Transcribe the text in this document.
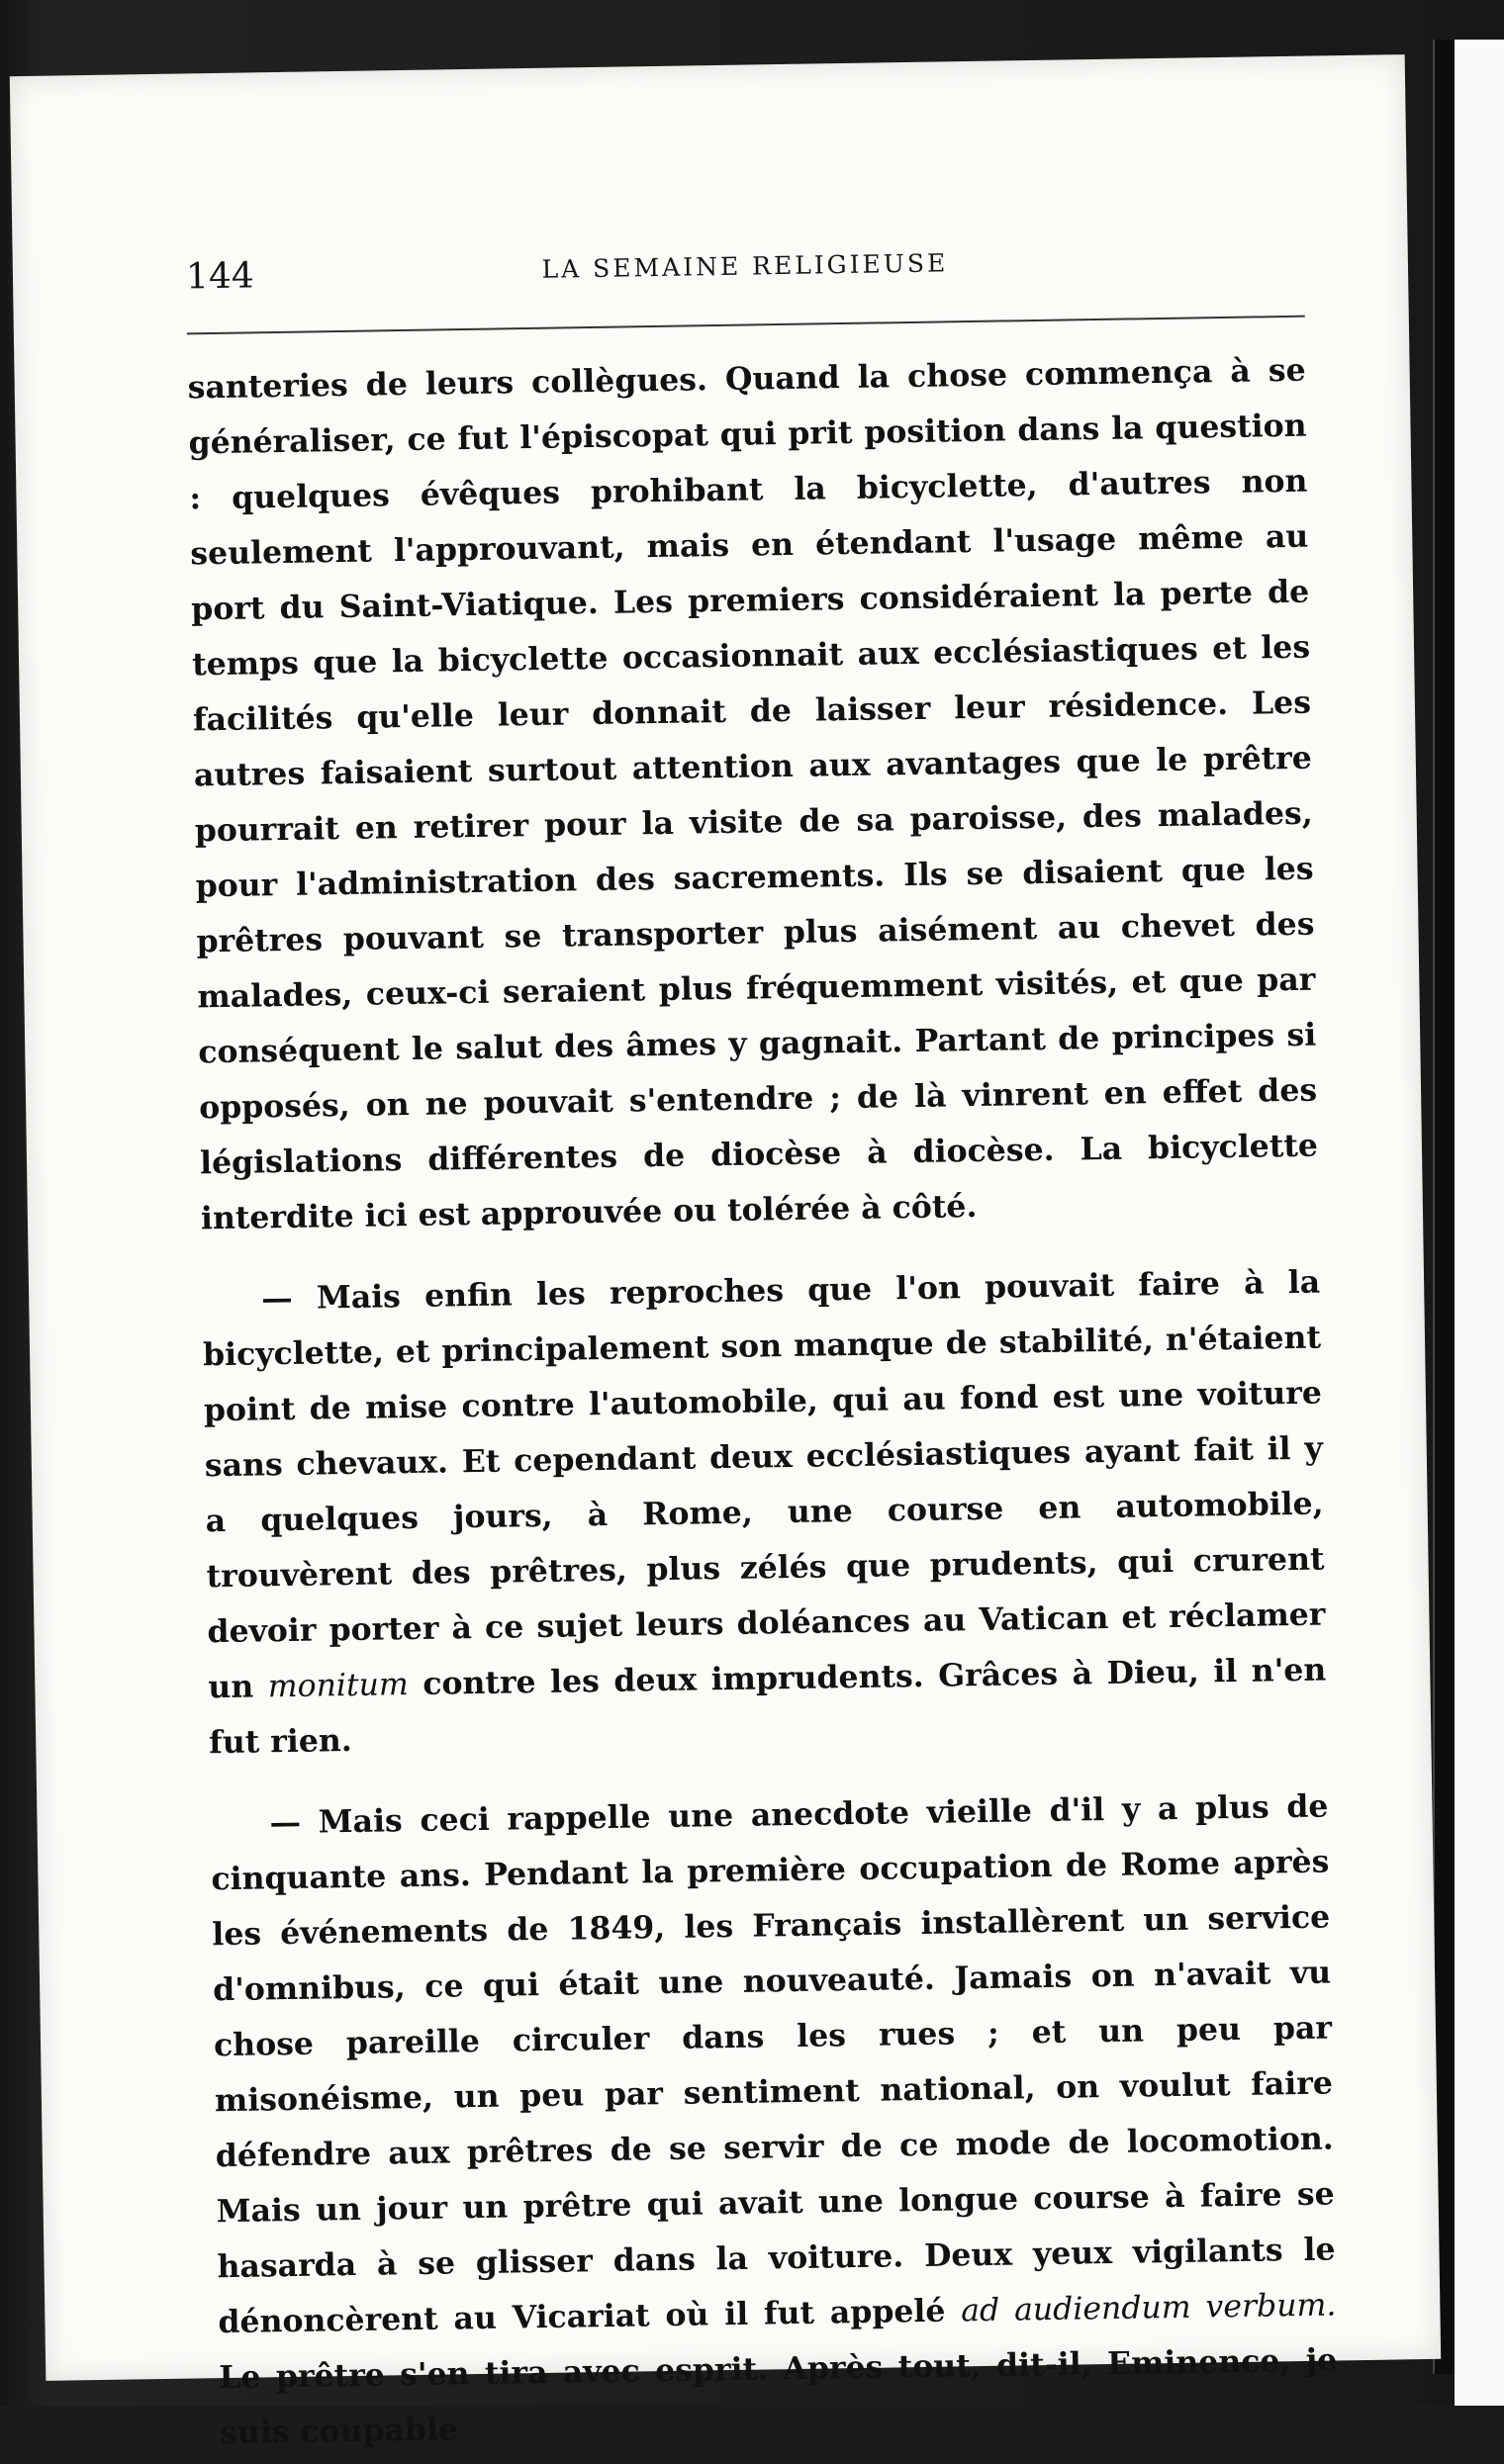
144	LA SEMAINE RELIGIEUSE

santeries de leurs collègues. Quand la chose commença à se généraliser, ce fut l'épiscopat qui prit position dans la question : quelques évêques prohibant la bicyclette, d'autres non seulement l'approuvant, mais en étendant l'usage même au port du Saint-Viatique. Les premiers considéraient la perte de temps que la bicyclette occasionnait aux ecclésiastiques et les facilités qu'elle leur donnait de laisser leur résidence. Les autres faisaient surtout attention aux avantages que le prêtre pourrait en retirer pour la visite de sa paroisse, des malades, pour l'administration des sacrements. Ils se disaient que les prêtres pouvant se transporter plus aisément au chevet des malades, ceux-ci seraient plus fréquemment visités, et que par conséquent le salut des âmes y gagnait. Partant de principes si opposés, on ne pouvait s'entendre ; de là vinrent en effet des législations différentes de diocèse à diocèse. La bicyclette interdite ici est approuvée ou tolérée à côté.

— Mais enfin les reproches que l'on pouvait faire à la bicyclette, et principalement son manque de stabilité, n'étaient point de mise contre l'automobile, qui au fond est une voiture sans chevaux. Et cependant deux ecclésiastiques ayant fait il y a quelques jours, à Rome, une course en automobile, trouvèrent des prêtres, plus zélés que prudents, qui crurent devoir porter à ce sujet leurs doléances au Vatican et réclamer un monitum contre les deux imprudents. Grâces à Dieu, il n'en fut rien.

— Mais ceci rappelle une anecdote vieille d'il y a plus de cinquante ans. Pendant la première occupation de Rome après les événements de 1849, les Français installèrent un service d'omnibus, ce qui était une nouveauté. Jamais on n'avait vu chose pareille circuler dans les rues ; et un peu par misonéisme, un peu par sentiment national, on voulut faire défendre aux prêtres de se servir de ce mode de locomotion. Mais un jour un prêtre qui avait une longue course à faire se hasarda à se glisser dans la voiture. Deux yeux vigilants le dénoncèrent au Vicariat où il fut appelé ad audiendum verbum. Le prêtre s'en tira avec esprit. Après tout, dit-il, Eminence, je suis coupable
